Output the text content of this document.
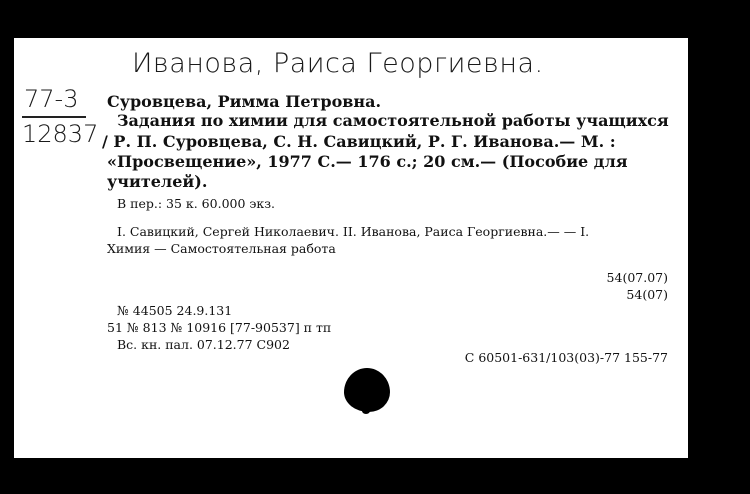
Иванова, Раиса Георгиевна.
77-3
12837
Суровцева, Римма Петровна.
Задания по химии для самостоятельной работы учащихся
/ Р. П. Суровцева, С. Н. Савицкий, Р. Г. Иванова.— М. :
«Просвещение», 1977 С.— 176 с.; 20 см.— (Пособие для
учителей).
В пер.: 35 к. 60.000 экз.
I. Савицкий, Сергей Николаевич. II. Иванова, Раиса Георгиевна.— — I.
Химия — Самостоятельная работа
54(07.07)
54(07)
№ 44505 24.9.131
51 № 813 № 10916 [77-90537] п тп
Вс. кн. пал. 07.12.77 С902
С 60501-631/103(03)-77 155-77
